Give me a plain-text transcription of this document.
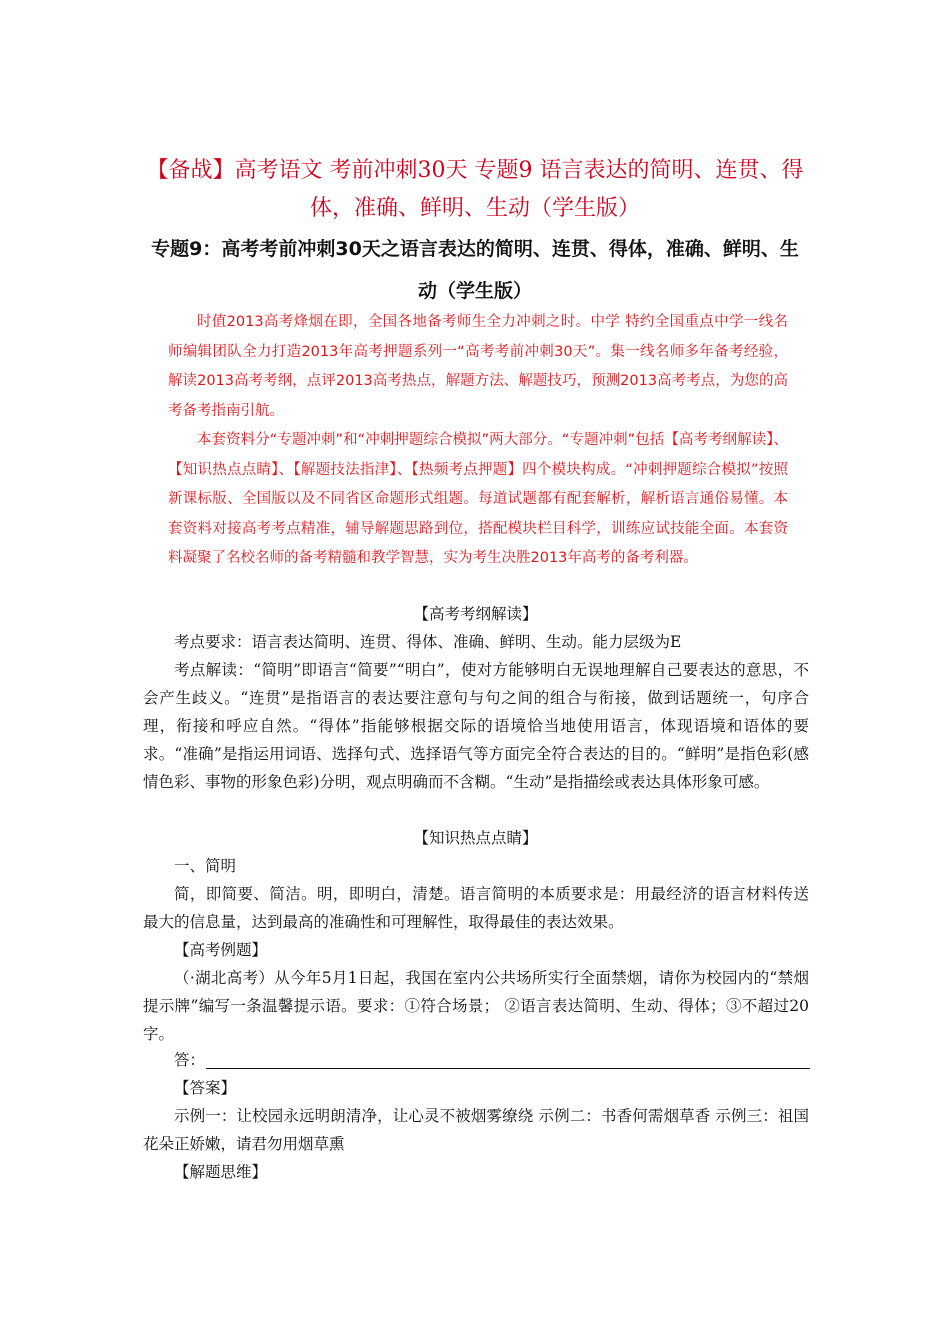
【备战】高考语文 考前冲刺30天 专题9 语言表达的简明、连贯、得体，准确、鲜明、生动（学生版）
专题9：高考考前冲刺30天之语言表达的简明、连贯、得体，准确、鲜明、生动（学生版）

时值2013高考烽烟在即，全国各地备考师生全力冲刺之时。中学 特约全国重点中学一线名师编辑团队全力打造2013年高考押题系列一“高考考前冲刺30天”。集一线名师多年备考经验，解读2013高考考纲，点评2013高考热点，解题方法、解题技巧，预测2013高考考点，为您的高考备考指南引航。

本套资料分“专题冲刺”和“冲刺押题综合模拟”两大部分。“专题冲刺”包括【高考考纲解读】、【知识热点点睛】、【解题技法指津】、【热频考点押题】四个模块构成。“冲刺押题综合模拟”按照新课标版、全国版以及不同省区命题形式组题。每道试题都有配套解析，解析语言通俗易懂。本套资料对接高考考点精准，辅导解题思路到位，搭配模块栏目科学，训练应试技能全面。本套资料凝聚了名校名师的备考精髓和教学智慧，实为考生决胜2013年高考的备考利器。

【高考考纲解读】

考点要求：语言表达简明、连贯、得体、准确、鲜明、生动。能力层级为E

考点解读：“简明”即语言“简要”“明白”，使对方能够明白无误地理解自己要表达的意思，不会产生歧义。“连贯”是指语言的表达要注意句与句之间的组合与衔接，做到话题统一，句序合理，衔接和呼应自然。“得体”指能够根据交际的语境恰当地使用语言，体现语境和语体的要求。“准确”是指运用词语、选择句式、选择语气等方面完全符合表达的目的。“鲜明”是指色彩(感情色彩、事物的形象色彩)分明，观点明确而不含糊。“生动”是指描绘或表达具体形象可感。

【知识热点点睛】

一、简明

简，即简要、简洁。明，即明白，清楚。语言简明的本质要求是：用最经济的语言材料传送最大的信息量，达到最高的准确性和可理解性，取得最佳的表达效果。

【高考例题】

（·湖北高考）从今年5月1日起，我国在室内公共场所实行全面禁烟，请你为校园内的“禁烟提示牌”编写一条温馨提示语。要求：①符合场景； ②语言表达简明、生动、得体；③不超过20字。

答：

【答案】

示例一：让校园永远明朗清净，让心灵不被烟雾缭绕 示例二：书香何需烟草香 示例三：祖国花朵正娇嫩，请君勿用烟草熏

【解题思维】
